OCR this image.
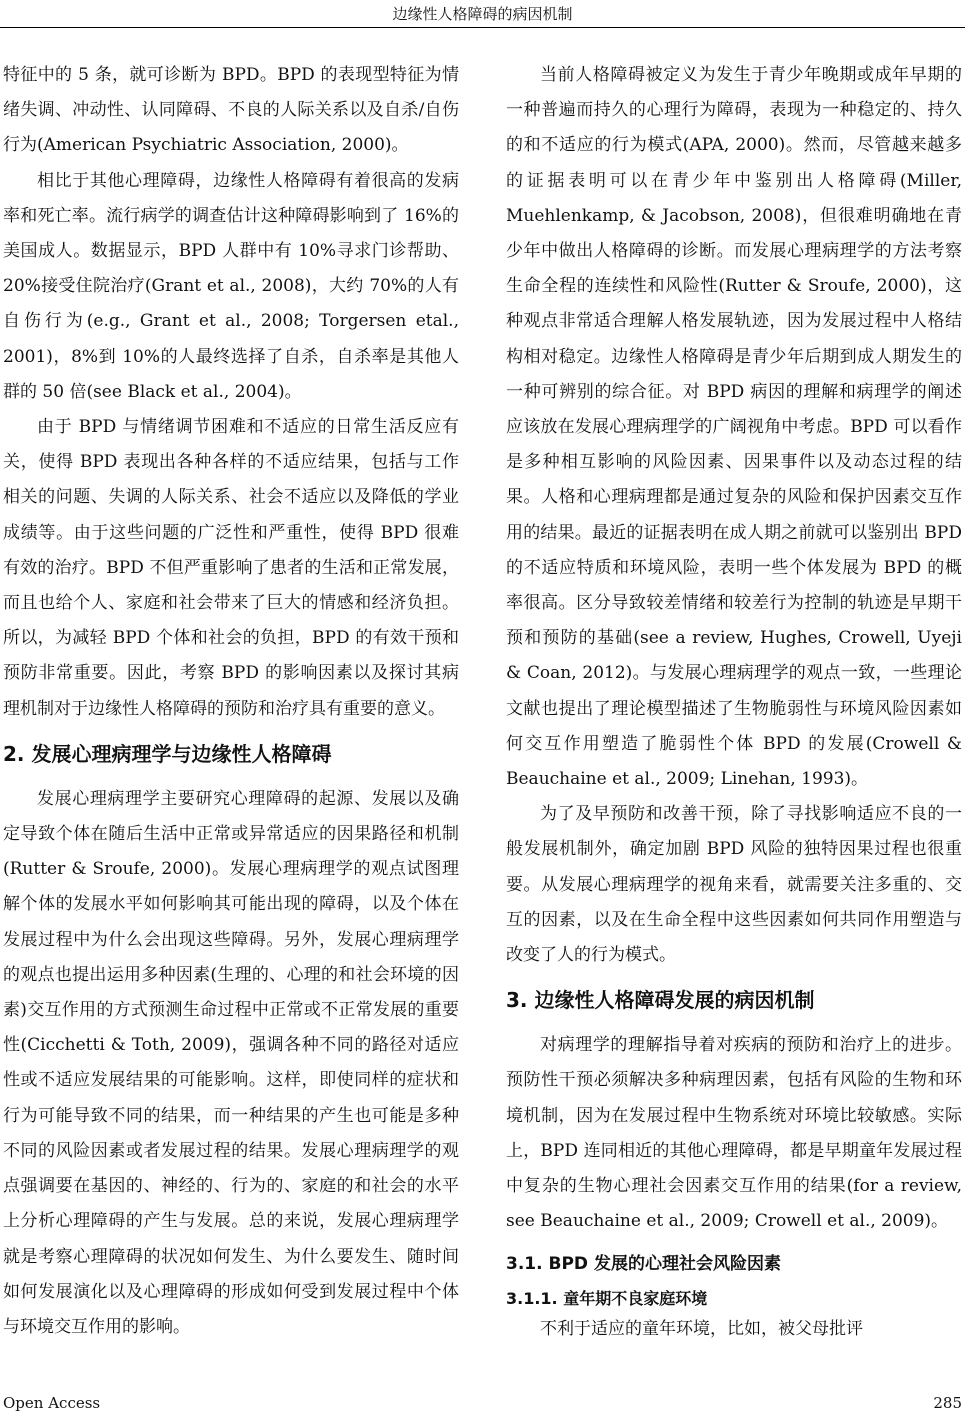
边缘性人格障碍的病因机制

特征中的 5 条，就可诊断为 BPD。BPD 的表现型特征为情绪失调、冲动性、认同障碍、不良的人际关系以及自杀/自伤行为(American Psychiatric Association, 2000)。

相比于其他心理障碍，边缘性人格障碍有着很高的发病率和死亡率。流行病学的调查估计这种障碍影响到了 16%的美国成人。数据显示，BPD 人群中有 10%寻求门诊帮助、20%接受住院治疗(Grant et al., 2008)，大约 70%的人有自伤行为(e.g., Grant et al., 2008; Torgersen etal., 2001)，8%到 10%的人最终选择了自杀，自杀率是其他人群的 50 倍(see Black et al., 2004)。

由于 BPD 与情绪调节困难和不适应的日常生活反应有关，使得 BPD 表现出各种各样的不适应结果，包括与工作相关的问题、失调的人际关系、社会不适应以及降低的学业成绩等。由于这些问题的广泛性和严重性，使得 BPD 很难有效的治疗。BPD 不但严重影响了患者的生活和正常发展，而且也给个人、家庭和社会带来了巨大的情感和经济负担。所以，为减轻 BPD 个体和社会的负担，BPD 的有效干预和预防非常重要。因此，考察 BPD 的影响因素以及探讨其病理机制对于边缘性人格障碍的预防和治疗具有重要的意义。

2. 发展心理病理学与边缘性人格障碍

发展心理病理学主要研究心理障碍的起源、发展以及确定导致个体在随后生活中正常或异常适应的因果路径和机制(Rutter & Sroufe, 2000)。发展心理病理学的观点试图理解个体的发展水平如何影响其可能出现的障碍，以及个体在发展过程中为什么会出现这些障碍。另外，发展心理病理学的观点也提出运用多种因素(生理的、心理的和社会环境的因素)交互作用的方式预测生命过程中正常或不正常发展的重要性(Cicchetti & Toth, 2009)，强调各种不同的路径对适应性或不适应发展结果的可能影响。这样，即使同样的症状和行为可能导致不同的结果，而一种结果的产生也可能是多种不同的风险因素或者发展过程的结果。发展心理病理学的观点强调要在基因的、神经的、行为的、家庭的和社会的水平上分析心理障碍的产生与发展。总的来说，发展心理病理学就是考察心理障碍的状况如何发生、为什么要发生、随时间如何发展演化以及心理障碍的形成如何受到发展过程中个体与环境交互作用的影响。

当前人格障碍被定义为发生于青少年晚期或成年早期的一种普遍而持久的心理行为障碍，表现为一种稳定的、持久的和不适应的行为模式(APA, 2000)。然而，尽管越来越多的证据表明可以在青少年中鉴别出人格障碍(Miller, Muehlenkamp, & Jacobson, 2008)，但很难明确地在青少年中做出人格障碍的诊断。而发展心理病理学的方法考察生命全程的连续性和风险性(Rutter & Sroufe, 2000)，这种观点非常适合理解人格发展轨迹，因为发展过程中人格结构相对稳定。边缘性人格障碍是青少年后期到成人期发生的一种可辨别的综合征。对 BPD 病因的理解和病理学的阐述应该放在发展心理病理学的广阔视角中考虑。BPD 可以看作是多种相互影响的风险因素、因果事件以及动态过程的结果。人格和心理病理都是通过复杂的风险和保护因素交互作用的结果。最近的证据表明在成人期之前就可以鉴别出 BPD 的不适应特质和环境风险，表明一些个体发展为 BPD 的概率很高。区分导致较差情绪和较差行为控制的轨迹是早期干预和预防的基础(see a review, Hughes, Crowell, Uyeji & Coan, 2012)。与发展心理病理学的观点一致，一些理论文献也提出了理论模型描述了生物脆弱性与环境风险因素如何交互作用塑造了脆弱性个体 BPD 的发展(Crowell & Beauchaine et al., 2009; Linehan, 1993)。

为了及早预防和改善干预，除了寻找影响适应不良的一般发展机制外，确定加剧 BPD 风险的独特因果过程也很重要。从发展心理病理学的视角来看，就需要关注多重的、交互的因素，以及在生命全程中这些因素如何共同作用塑造与改变了人的行为模式。

3. 边缘性人格障碍发展的病因机制

对病理学的理解指导着对疾病的预防和治疗上的进步。预防性干预必须解决多种病理因素，包括有风险的生物和环境机制，因为在发展过程中生物系统对环境比较敏感。实际上，BPD 连同相近的其他心理障碍，都是早期童年发展过程中复杂的生物心理社会因素交互作用的结果(for a review, see Beauchaine et al., 2009; Crowell et al., 2009)。

3.1. BPD 发展的心理社会风险因素
3.1.1. 童年期不良家庭环境

不利于适应的童年环境，比如，被父母批评

Open Access	285
